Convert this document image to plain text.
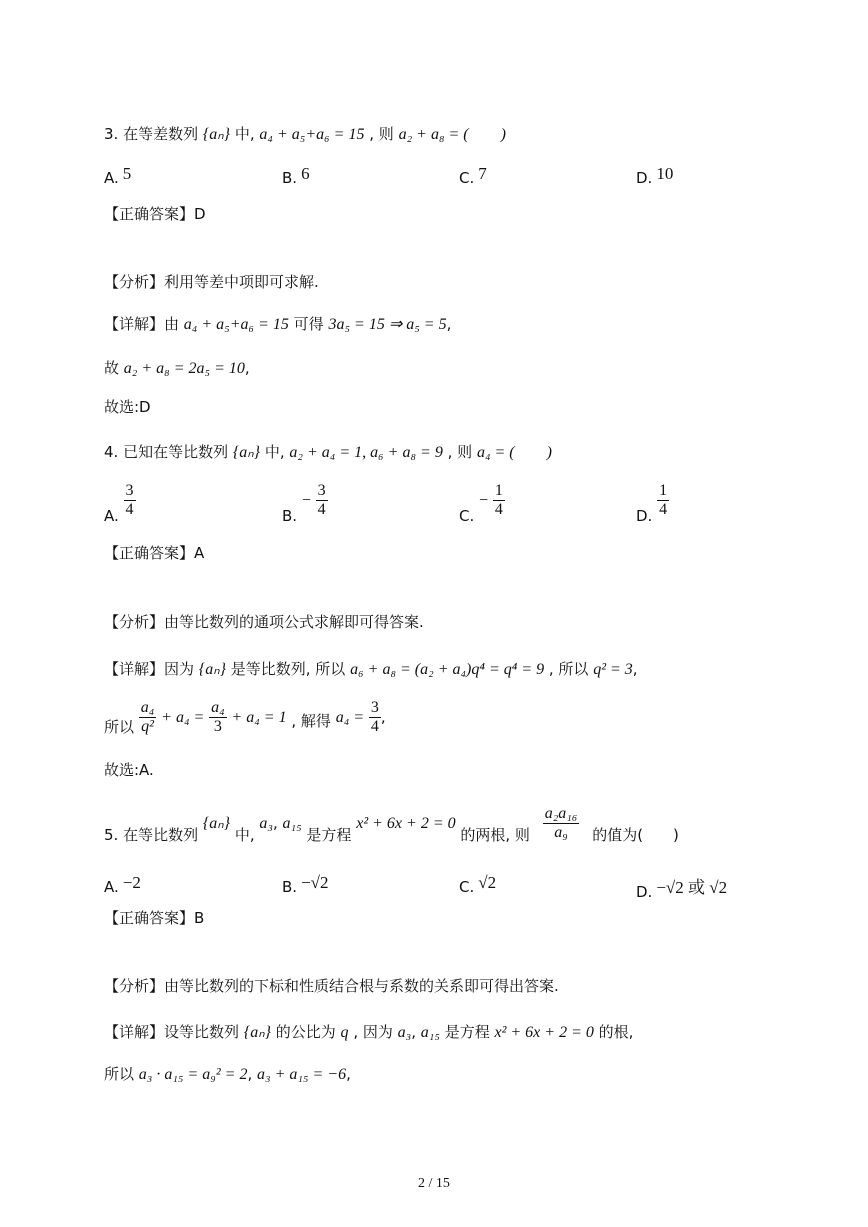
3. 在等差数列 {aₙ} 中, a₄ + a₅+a₆ = 15 , 则 a₂ + a₈ = (　　)
A. 5	B. 6	C. 7	D. 10
【正确答案】D
【分析】利用等差中项即可求解.
【详解】由 a₄ + a₅+a₆ = 15 可得 3a₅ = 15 ⇒ a₅ = 5,
故 a₂ + a₈ = 2a₅ = 10,
故选:D
4. 已知在等比数列 {aₙ} 中, a₂ + a₄ = 1, a₆ + a₈ = 9 , 则 a₄ = (　　)
A. $\frac{3}{4}$	B. − $\frac{3}{4}$	C. − $\frac{1}{4}$	D. $\frac{1}{4}$
【正确答案】A
【分析】由等比数列的通项公式求解即可得答案.
【详解】因为 {aₙ} 是等比数列, 所以 a₆ + a₈ = (a₂ + a₄)q⁴ = q⁴ = 9 , 所以 q² = 3,
所以 $\frac{\text{a₄}}{\text{q²}} + a_4 = \frac{\text{a₄}}{3} + a_4 = 1$ , 解得 $a_4 = \frac{3}{4}$ ,
故选:A.
5. 在等比数列 {aₙ} 中, a₃, a₁₅ 是方程 x² + 6x + 2 = 0 的两根, 则 $\frac{\text{a₂a₁₆}}{\text{a₉}}$ 的值为(　　)
A. −2	B. −√2	C. √2	D. −√2 或 √2
【正确答案】B
【分析】由等比数列的下标和性质结合根与系数的关系即可得出答案.
【详解】设等比数列 {aₙ} 的公比为 q , 因为 a₃, a₁₅ 是方程 x² + 6x + 2 = 0 的根,
所以 a₃ · a₁₅ = a₉² = 2, a₃ + a₁₅ = −6,
2 / 15
